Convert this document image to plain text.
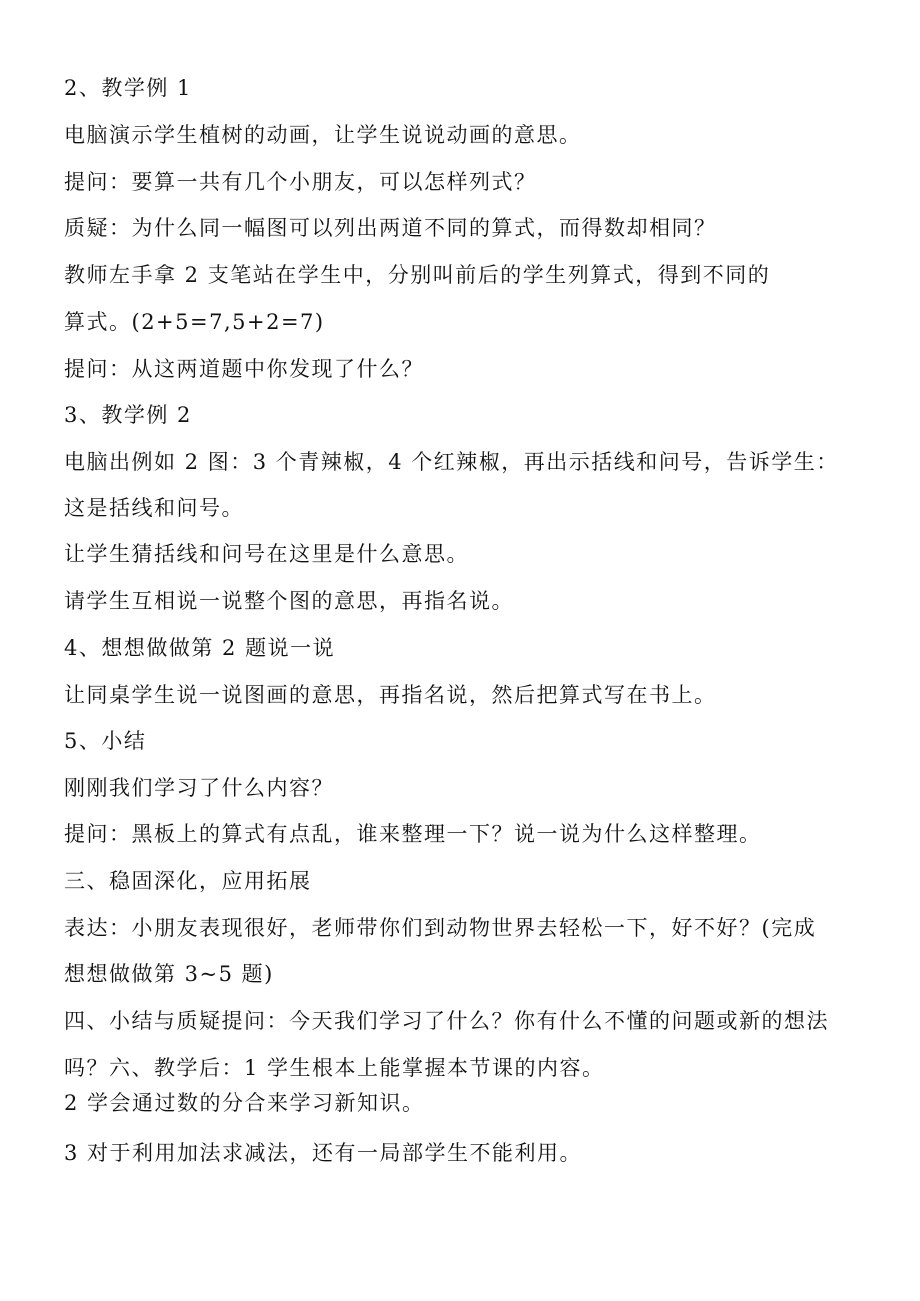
2、教学例 1
电脑演示学生植树的动画，让学生说说动画的意思。
提问：要算一共有几个小朋友，可以怎样列式？
质疑：为什么同一幅图可以列出两道不同的算式，而得数却相同？
教师左手拿 2 支笔站在学生中，分别叫前后的学生列算式，得到不同的
算式。(2+5=7,5+2=7)
提问：从这两道题中你发现了什么？
3、教学例 2
电脑出例如 2 图：3 个青辣椒，4 个红辣椒，再出示括线和问号，告诉学生：
这是括线和问号。
让学生猜括线和问号在这里是什么意思。
请学生互相说一说整个图的意思，再指名说。
4、想想做做第 2 题说一说
让同桌学生说一说图画的意思，再指名说，然后把算式写在书上。
5、小结
刚刚我们学习了什么内容？
提问：黑板上的算式有点乱，谁来整理一下？说一说为什么这样整理。
三、稳固深化，应用拓展
表达：小朋友表现很好，老师带你们到动物世界去轻松一下，好不好？(完成
想想做做第 3~5 题)
四、小结与质疑提问：今天我们学习了什么？你有什么不懂的问题或新的想法
吗？六、教学后：1 学生根本上能掌握本节课的内容。
2 学会通过数的分合来学习新知识。
3 对于利用加法求减法，还有一局部学生不能利用。
